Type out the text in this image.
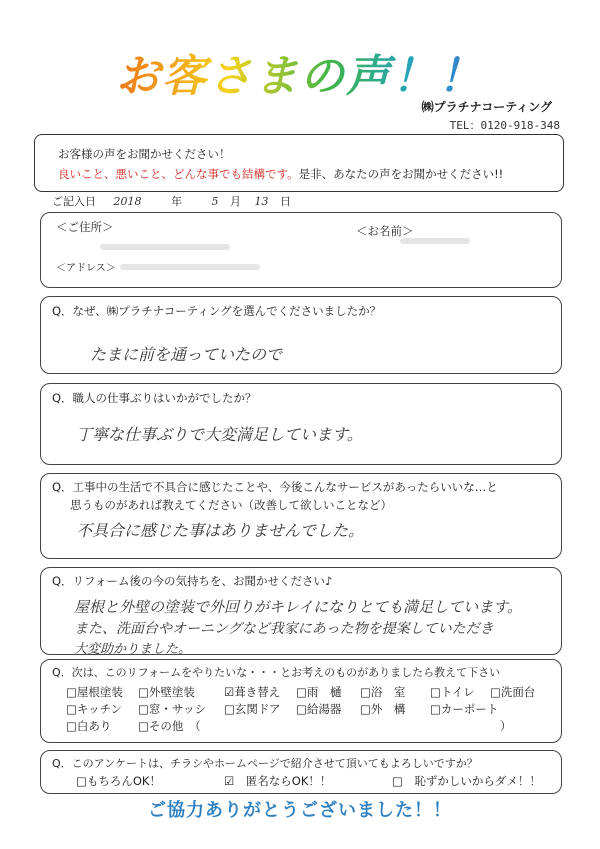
お客さまの声！！
㈱プラチナコーティング
TEL：0120-918-348
お客様の声をお聞かせください！
良いこと、悪いこと、どんな事でも結構です。是非、あなたの声をお聞かせください!!
ご記入日 2018	年	5 月 13 日
＜ご住所＞
＜アドレス＞
＜お名前＞
Q．なぜ、㈱プラチナコーティングを選んでくださいましたか？
たまに前を通っていたので
Q．職人の仕事ぶりはいかがでしたか？
丁寧な仕事ぶりで大変満足しています。
Q．工事中の生活で不具合に感じたことや、今後こんなサービスがあったらいいな…と
思うものがあれば教えてください（改善して欲しいことなど）
不具合に感じた事はありませんでした。
Q．リフォーム後の今の気持ちを、お聞かせください♪
屋根と外壁の塗装で外回りがキレイになりとても満足しています。
また、洗面台やオーニングなど我家にあった物を提案していただき
大変助かりました。
Q．次は、このリフォームをやりたいな・・・とお考えのものがありましたら教えて下さい
□屋根塗装 □外壁塗装	☑葺き替え □雨　樋 □浴　室 □トイレ □洗面台
□キッチン □窓・サッシ □玄関ドア □給湯器 □外　構 □カーポート
□白あり □その他　（	）
Q．このアンケートは、チラシやホームページで紹介させて頂いてもよろしいですか？
□もちろんOK！	☑　匿名ならOK！！	□　恥ずかしいからダメ！！
ご協力ありがとうございました！！
